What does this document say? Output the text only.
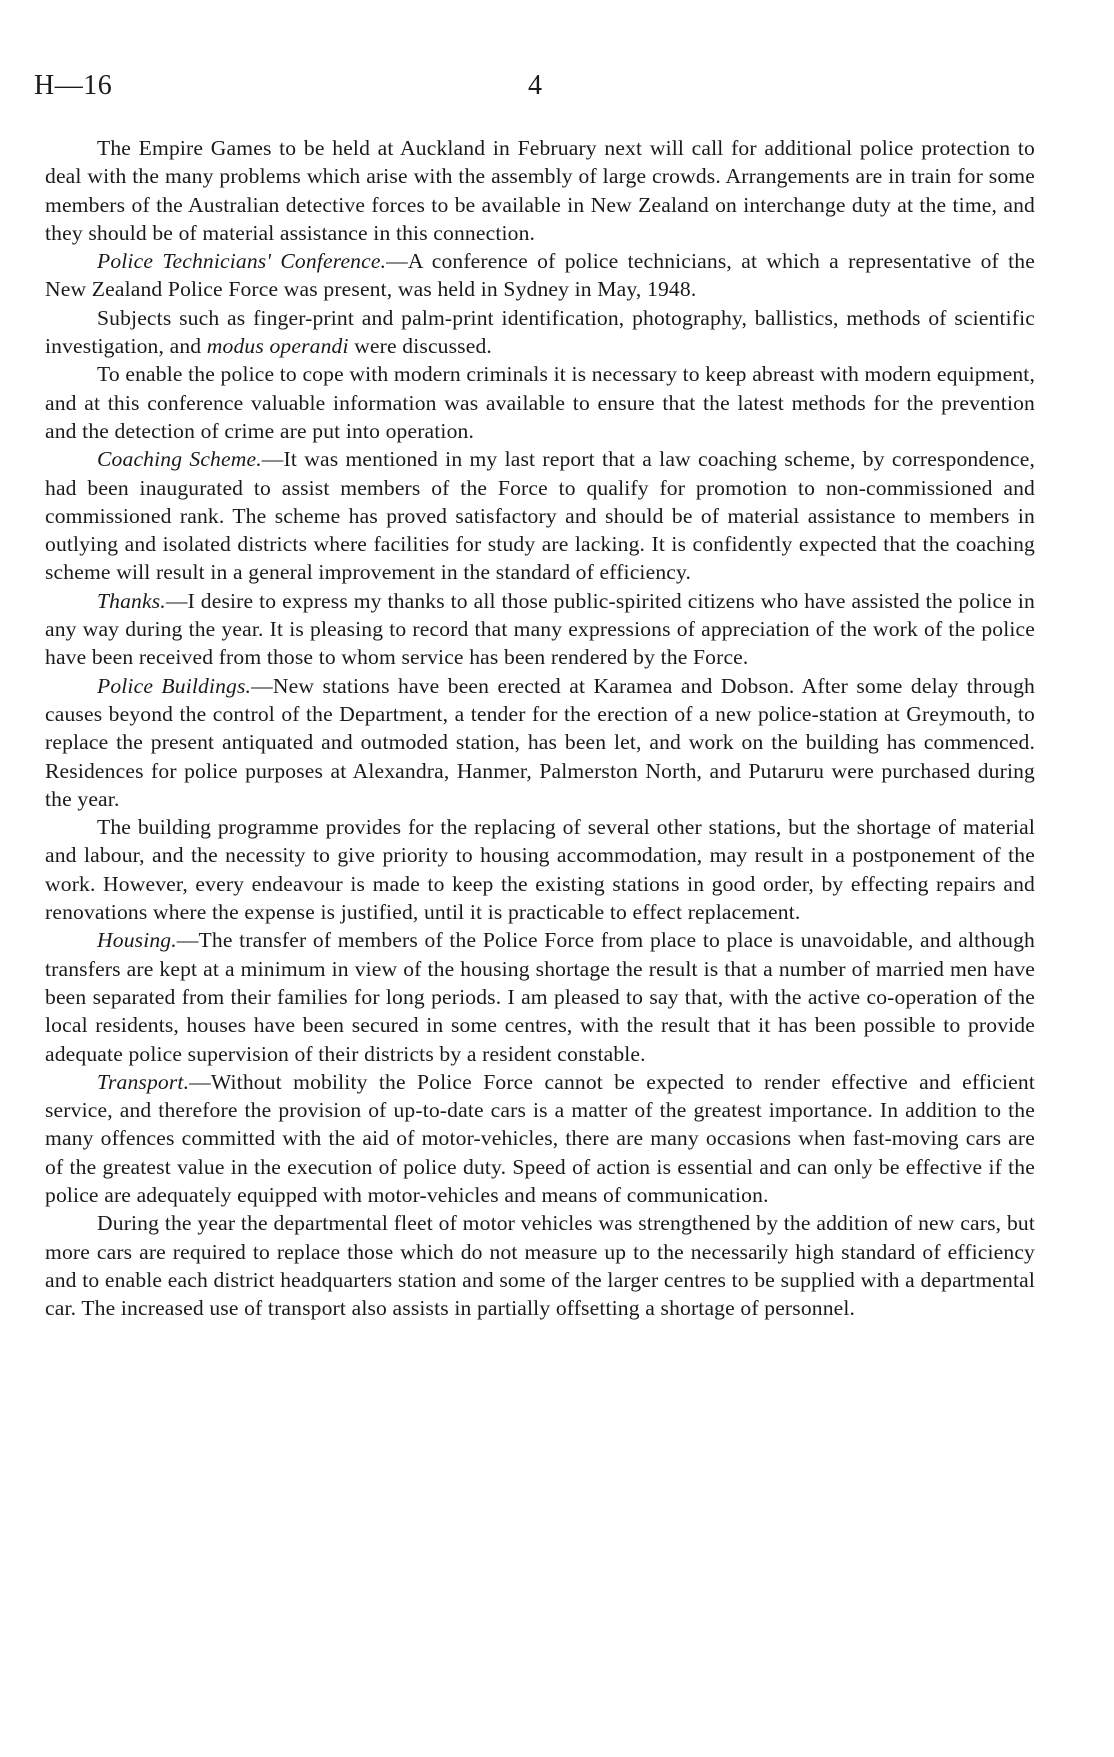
H—16	4

The Empire Games to be held at Auckland in February next will call for additional police protection to deal with the many problems which arise with the assembly of large crowds. Arrangements are in train for some members of the Australian detective forces to be available in New Zealand on interchange duty at the time, and they should be of material assistance in this connection.

Police Technicians' Conference.—A conference of police technicians, at which a representative of the New Zealand Police Force was present, was held in Sydney in May, 1948.

Subjects such as finger-print and palm-print identification, photography, ballistics, methods of scientific investigation, and modus operandi were discussed.

To enable the police to cope with modern criminals it is necessary to keep abreast with modern equipment, and at this conference valuable information was available to ensure that the latest methods for the prevention and the detection of crime are put into operation.

Coaching Scheme.—It was mentioned in my last report that a law coaching scheme, by correspondence, had been inaugurated to assist members of the Force to qualify for promotion to non-commissioned and commissioned rank. The scheme has proved satisfactory and should be of material assistance to members in outlying and isolated districts where facilities for study are lacking. It is confidently expected that the coaching scheme will result in a general improvement in the standard of efficiency.

Thanks.—I desire to express my thanks to all those public-spirited citizens who have assisted the police in any way during the year. It is pleasing to record that many expressions of appreciation of the work of the police have been received from those to whom service has been rendered by the Force.

Police Buildings.—New stations have been erected at Karamea and Dobson. After some delay through causes beyond the control of the Department, a tender for the erection of a new police-station at Greymouth, to replace the present antiquated and outmoded station, has been let, and work on the building has commenced. Residences for police purposes at Alexandra, Hanmer, Palmerston North, and Putaruru were purchased during the year.

The building programme provides for the replacing of several other stations, but the shortage of material and labour, and the necessity to give priority to housing accommodation, may result in a postponement of the work. However, every endeavour is made to keep the existing stations in good order, by effecting repairs and renovations where the expense is justified, until it is practicable to effect replacement.

Housing.—The transfer of members of the Police Force from place to place is unavoidable, and although transfers are kept at a minimum in view of the housing shortage the result is that a number of married men have been separated from their families for long periods. I am pleased to say that, with the active co-operation of the local residents, houses have been secured in some centres, with the result that it has been possible to provide adequate police supervision of their districts by a resident constable.

Transport.—Without mobility the Police Force cannot be expected to render effective and efficient service, and therefore the provision of up-to-date cars is a matter of the greatest importance. In addition to the many offences committed with the aid of motor-vehicles, there are many occasions when fast-moving cars are of the greatest value in the execution of police duty. Speed of action is essential and can only be effective if the police are adequately equipped with motor-vehicles and means of communication.

During the year the departmental fleet of motor vehicles was strengthened by the addition of new cars, but more cars are required to replace those which do not measure up to the necessarily high standard of efficiency and to enable each district headquarters station and some of the larger centres to be supplied with a departmental car. The increased use of transport also assists in partially offsetting a shortage of personnel.
